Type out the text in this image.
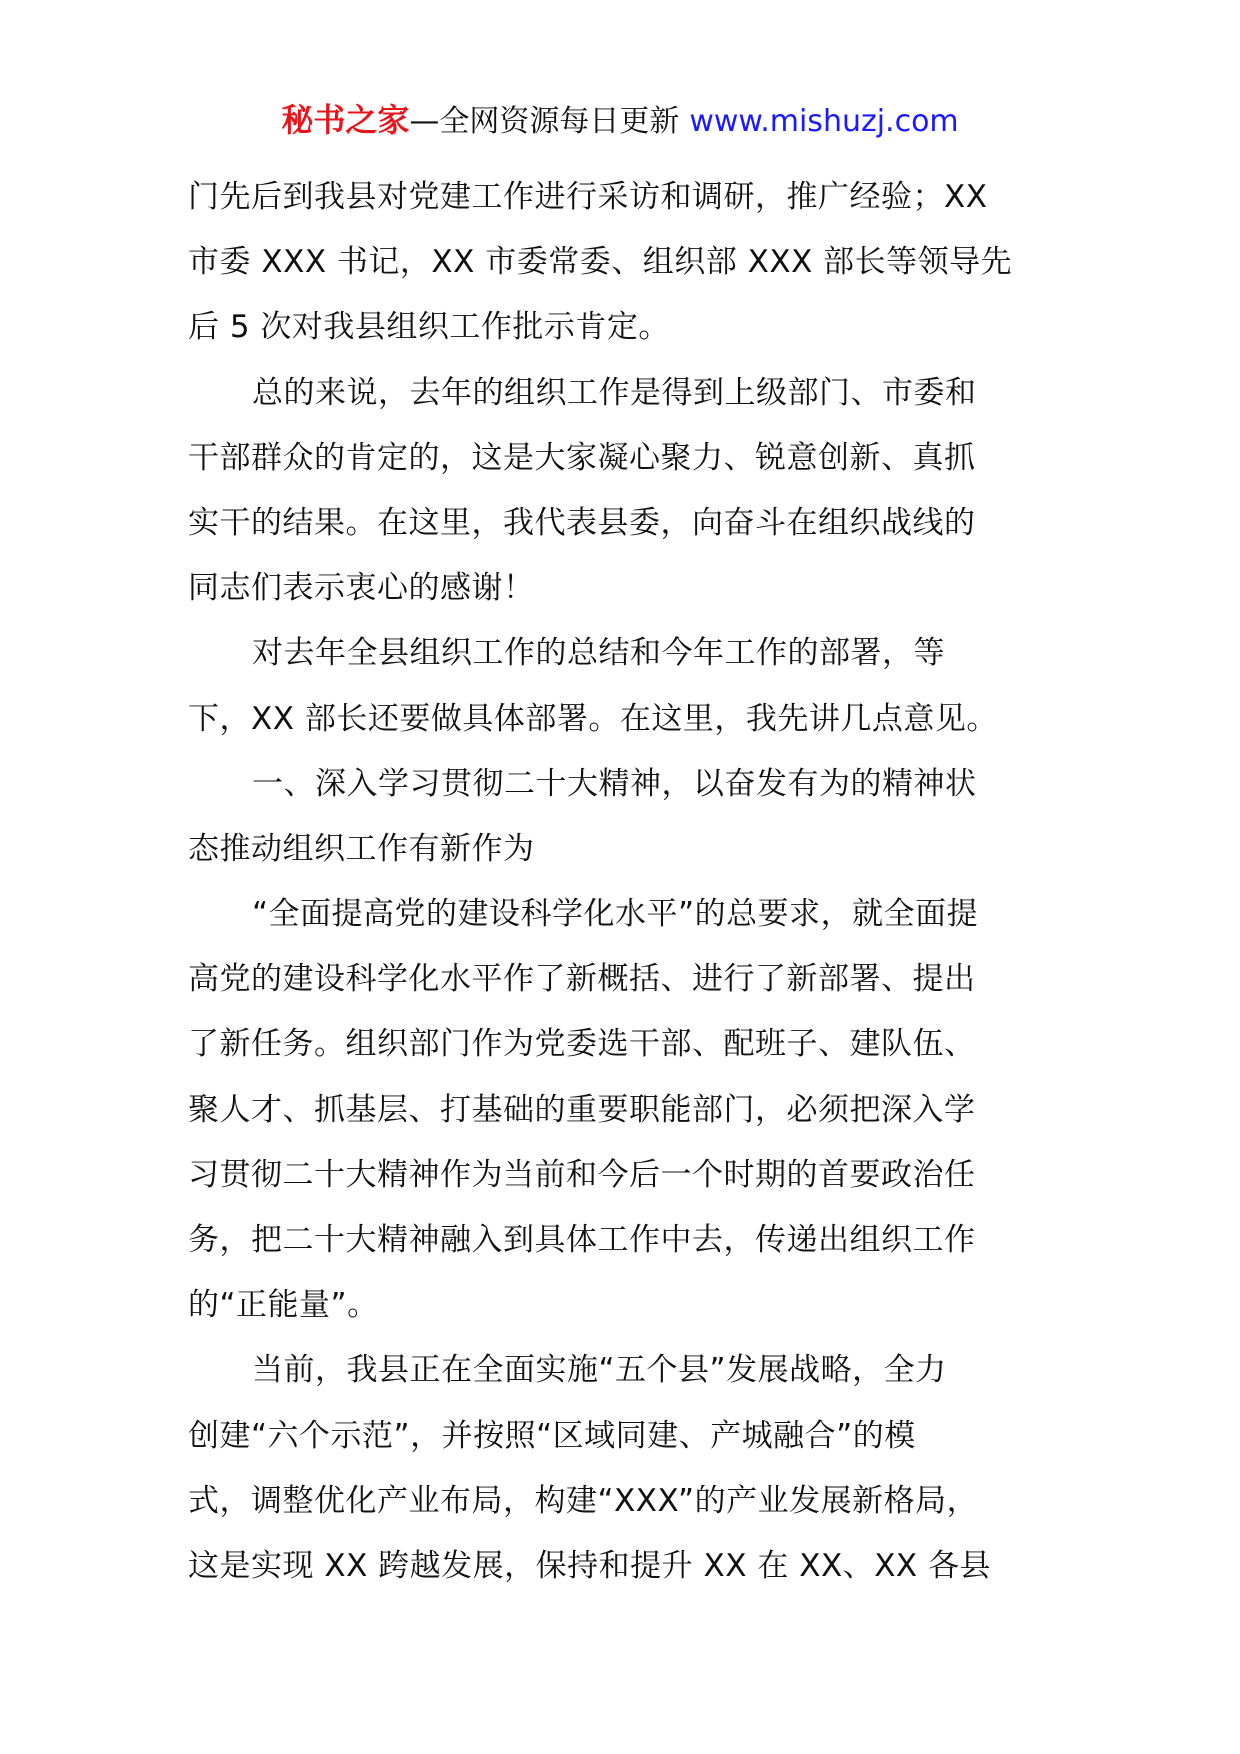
秘书之家—全网资源每日更新 www.mishuzj.com
门先后到我县对党建工作进行采访和调研，推广经验；XX
市委 XXX 书记，XX 市委常委、组织部 XXX 部长等领导先
后 5 次对我县组织工作批示肯定。
总的来说，去年的组织工作是得到上级部门、市委和
干部群众的肯定的，这是大家凝心聚力、锐意创新、真抓
实干的结果。在这里，我代表县委，向奋斗在组织战线的
同志们表示衷心的感谢！
对去年全县组织工作的总结和今年工作的部署，等
下，XX 部长还要做具体部署。在这里，我先讲几点意见。
一、深入学习贯彻二十大精神，以奋发有为的精神状
态推动组织工作有新作为
“全面提高党的建设科学化水平”的总要求，就全面提
高党的建设科学化水平作了新概括、进行了新部署、提出
了新任务。组织部门作为党委选干部、配班子、建队伍、
聚人才、抓基层、打基础的重要职能部门，必须把深入学
习贯彻二十大精神作为当前和今后一个时期的首要政治任
务，把二十大精神融入到具体工作中去，传递出组织工作
的“正能量”。
当前，我县正在全面实施“五个县”发展战略，全力
创建“六个示范”，并按照“区域同建、产城融合”的模
式，调整优化产业布局，构建“XXX”的产业发展新格局，
这是实现 XX 跨越发展，保持和提升 XX 在 XX、XX 各县
